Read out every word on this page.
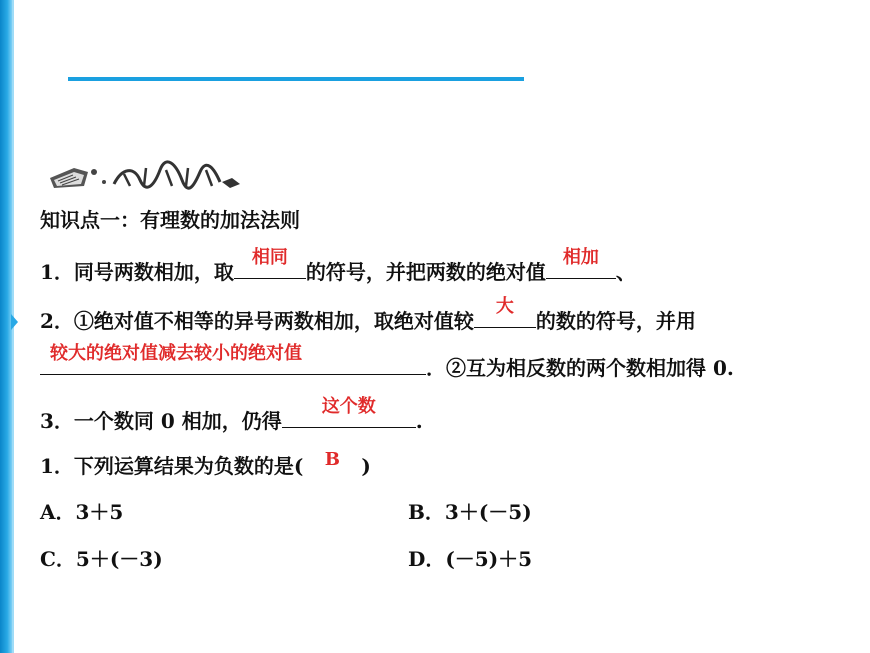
知识点一：有理数的加法法则
1．同号两数相加，取
相同
的符号，并把两数的绝对值
相加
、
2．①绝对值不相等的异号两数相加，取绝对值较
大
的数的符号，并用
较大的绝对值减去较小的绝对值
．②互为相反数的两个数相加得 0.
3．一个数同 0 相加，仍得
这个数
.
1．下列运算结果为负数的是(	B	)
A．3＋5	B．3＋(－5)
C．5＋(－3)	D．(－5)＋5
